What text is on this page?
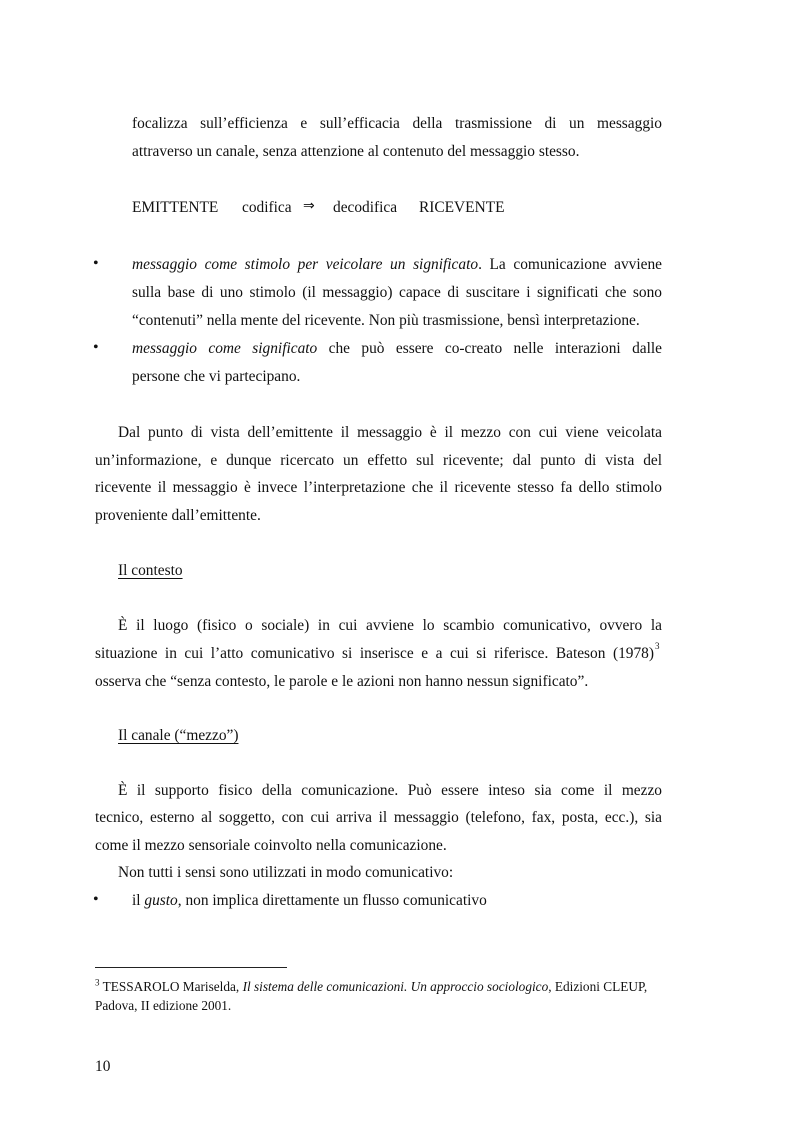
focalizza sull’efficienza e sull’efficacia della trasmissione di un messaggio
attraverso un canale, senza attenzione al contenuto del messaggio stesso.
EMITTENTE codifica ⇒ decodifica RICEVENTE
• messaggio come stimolo per veicolare un significato. La comunicazione avviene
sulla base di uno stimolo (il messaggio) capace di suscitare i significati che sono
“contenuti” nella mente del ricevente. Non più trasmissione, bensì interpretazione.
• messaggio come significato che può essere co-creato nelle interazioni dalle
persone che vi partecipano.
Dal punto di vista dell’emittente il messaggio è il mezzo con cui viene veicolata
un’informazione, e dunque ricercato un effetto sul ricevente; dal punto di vista del
ricevente il messaggio è invece l’interpretazione che il ricevente stesso fa dello stimolo
proveniente dall’emittente.
Il contesto
È il luogo (fisico o sociale) in cui avviene lo scambio comunicativo, ovvero la
situazione in cui l’atto comunicativo si inserisce e a cui si riferisce. Bateson (1978) 3
osserva che “senza contesto, le parole e le azioni non hanno nessun significato”.
Il canale (“mezzo”)
È il supporto fisico della comunicazione. Può essere inteso sia come il mezzo
tecnico, esterno al soggetto, con cui arriva il messaggio (telefono, fax, posta, ecc.), sia
come il mezzo sensoriale coinvolto nella comunicazione.
Non tutti i sensi sono utilizzati in modo comunicativo:
• il gusto, non implica direttamente un flusso comunicativo
$^3$ TESSAROLO Mariselda, Il sistema delle comunicazioni. Un approccio sociologico, Edizioni CLEUP,
Padova, II edizione 2001.
10
